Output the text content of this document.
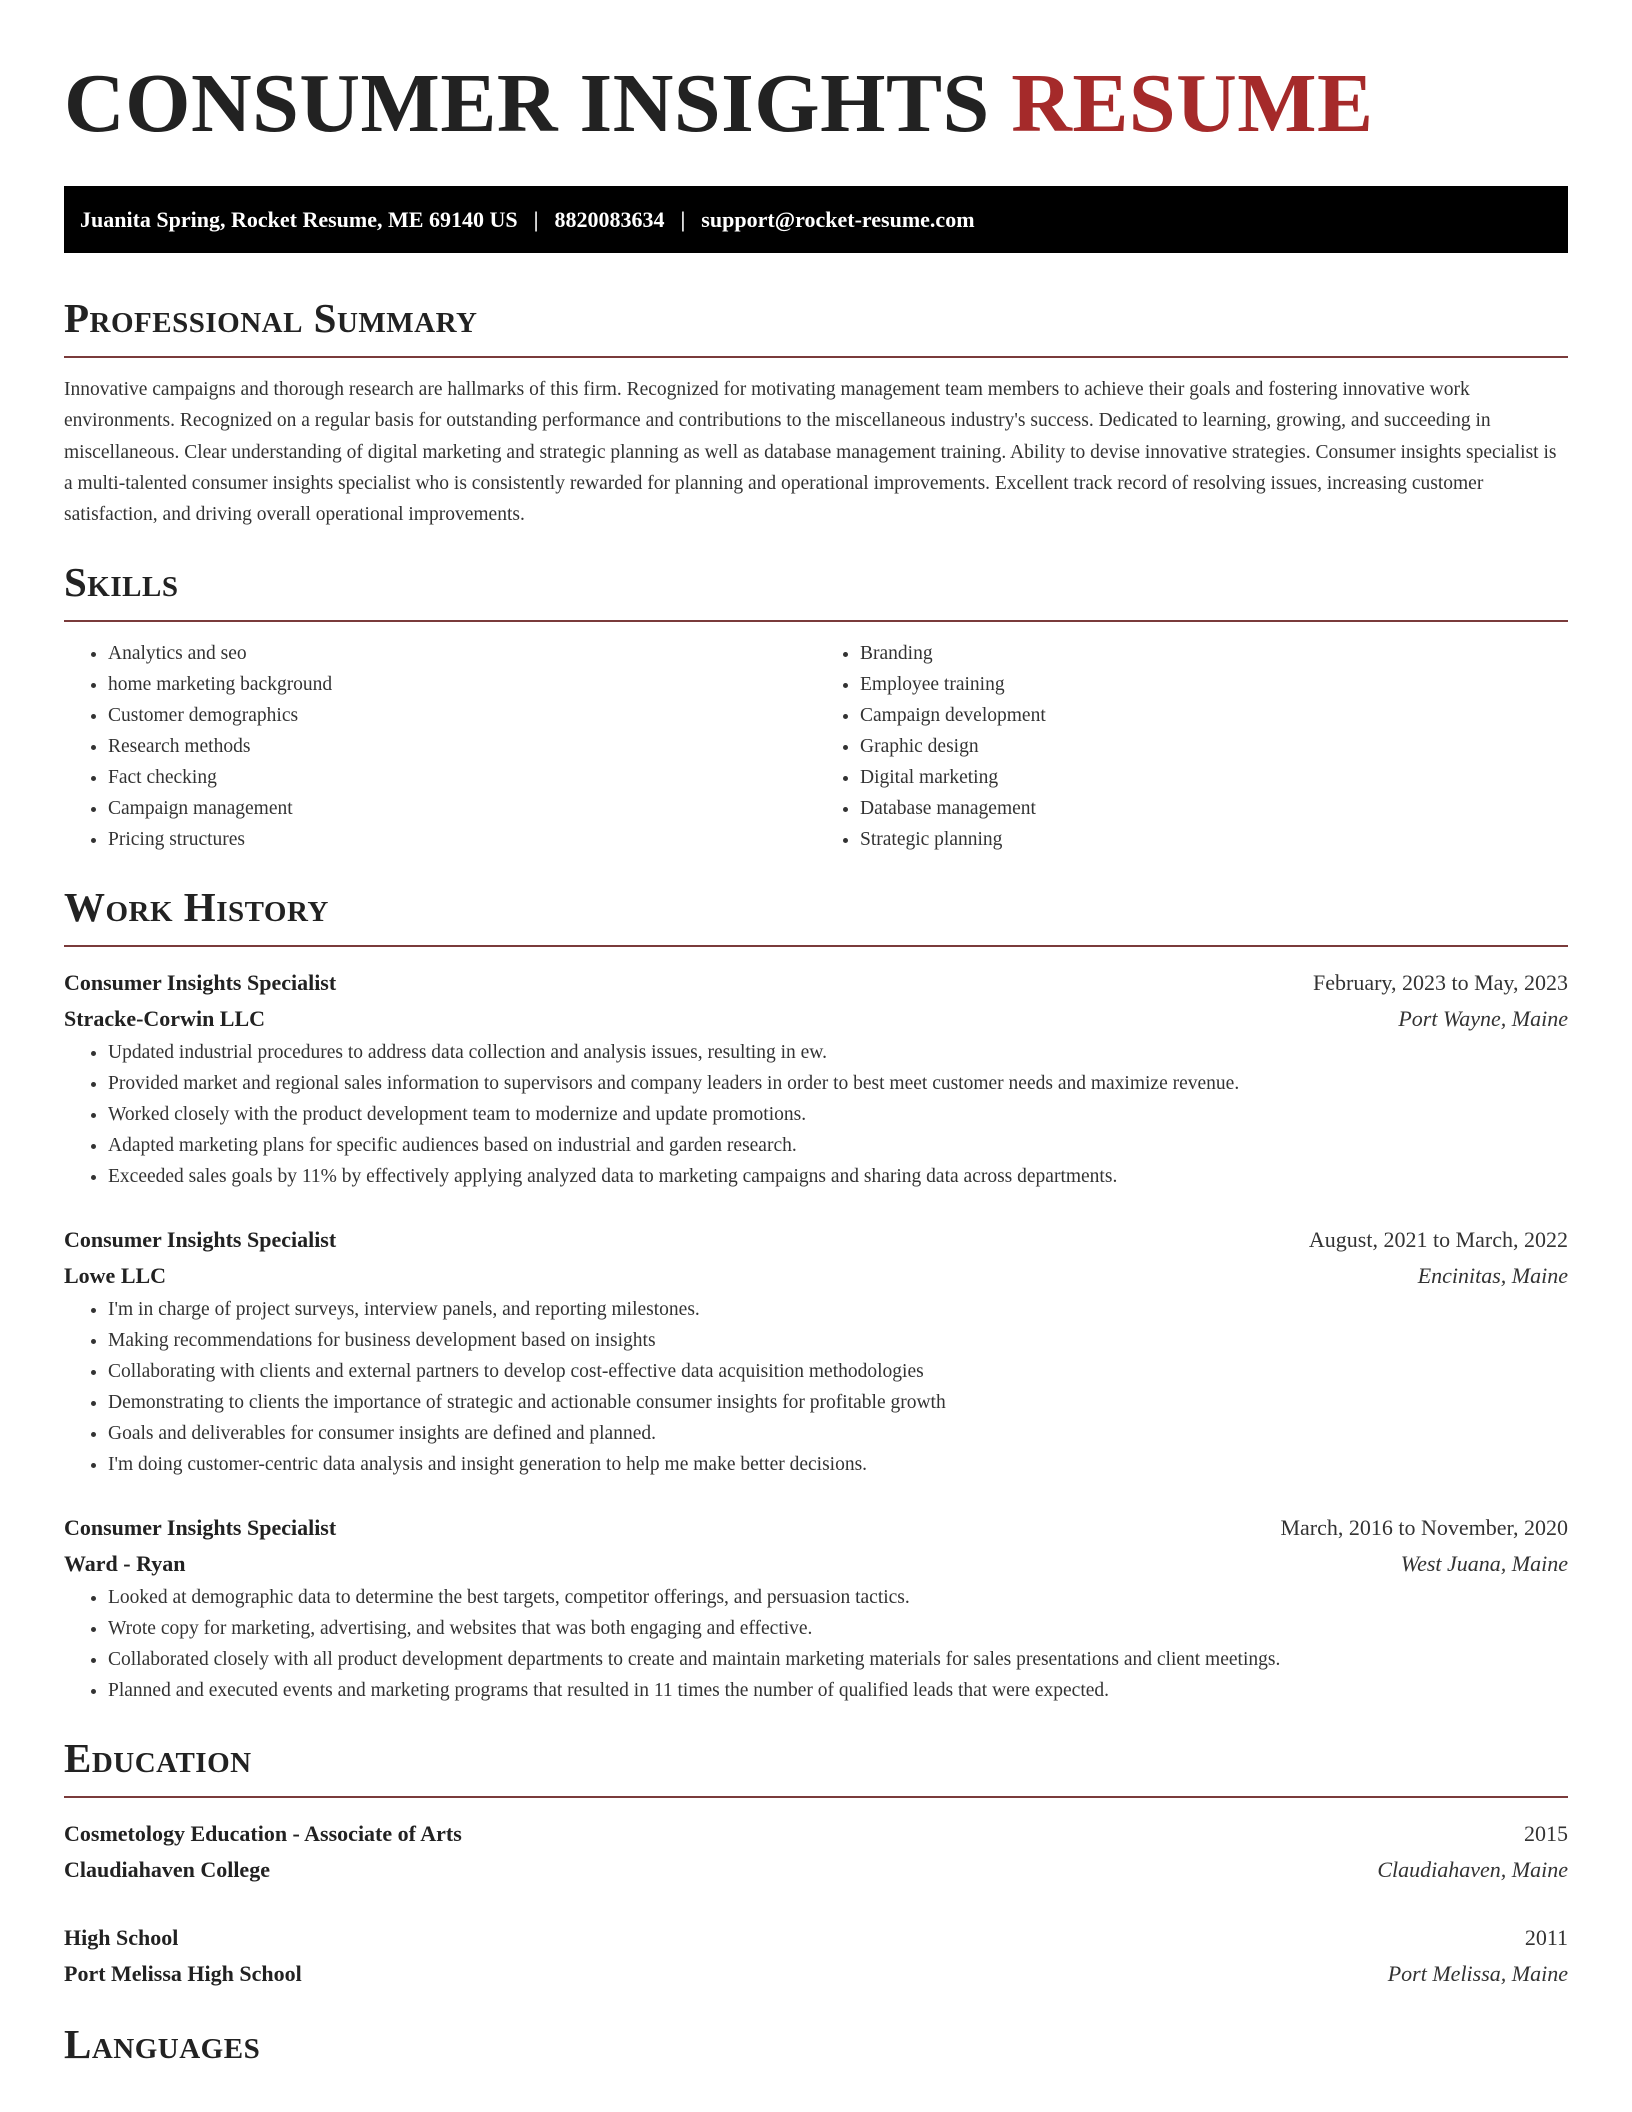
CONSUMER INSIGHTS RESUME
Juanita Spring, Rocket Resume, ME 69140 US | 8820083634 | support@rocket-resume.com
Professional Summary

Innovative campaigns and thorough research are hallmarks of this firm. Recognized for motivating management team members to achieve their goals and fostering innovative work environments. Recognized on a regular basis for outstanding performance and contributions to the miscellaneous industry's success. Dedicated to learning, growing, and succeeding in miscellaneous. Clear understanding of digital marketing and strategic planning as well as database management training. Ability to devise innovative strategies. Consumer insights specialist is a multi-talented consumer insights specialist who is consistently rewarded for planning and operational improvements. Excellent track record of resolving issues, increasing customer satisfaction, and driving overall operational improvements.

Skills
• Analytics and seo
• home marketing background
• Customer demographics
• Research methods
• Fact checking
• Campaign management
• Pricing structures
• Branding
• Employee training
• Campaign development
• Graphic design
• Digital marketing
• Database management
• Strategic planning
Work History
Consumer Insights Specialist	February, 2023 to May, 2023
Stracke-Corwin LLC	Port Wayne, Maine
• Updated industrial procedures to address data collection and analysis issues, resulting in ew.
• Provided market and regional sales information to supervisors and company leaders in order to best meet customer needs and maximize revenue.
• Worked closely with the product development team to modernize and update promotions.
• Adapted marketing plans for specific audiences based on industrial and garden research.
• Exceeded sales goals by 11% by effectively applying analyzed data to marketing campaigns and sharing data across departments.
Consumer Insights Specialist	August, 2021 to March, 2022
Lowe LLC	Encinitas, Maine
• I'm in charge of project surveys, interview panels, and reporting milestones.
• Making recommendations for business development based on insights
• Collaborating with clients and external partners to develop cost-effective data acquisition methodologies
• Demonstrating to clients the importance of strategic and actionable consumer insights for profitable growth
• Goals and deliverables for consumer insights are defined and planned.
• I'm doing customer-centric data analysis and insight generation to help me make better decisions.
Consumer Insights Specialist	March, 2016 to November, 2020
Ward - Ryan	West Juana, Maine
• Looked at demographic data to determine the best targets, competitor offerings, and persuasion tactics.
• Wrote copy for marketing, advertising, and websites that was both engaging and effective.
• Collaborated closely with all product development departments to create and maintain marketing materials for sales presentations and client meetings.
• Planned and executed events and marketing programs that resulted in 11 times the number of qualified leads that were expected.
Education
Cosmetology Education - Associate of Arts	2015
Claudiahaven College	Claudiahaven, Maine
High School	2011
Port Melissa High School	Port Melissa, Maine
Languages
